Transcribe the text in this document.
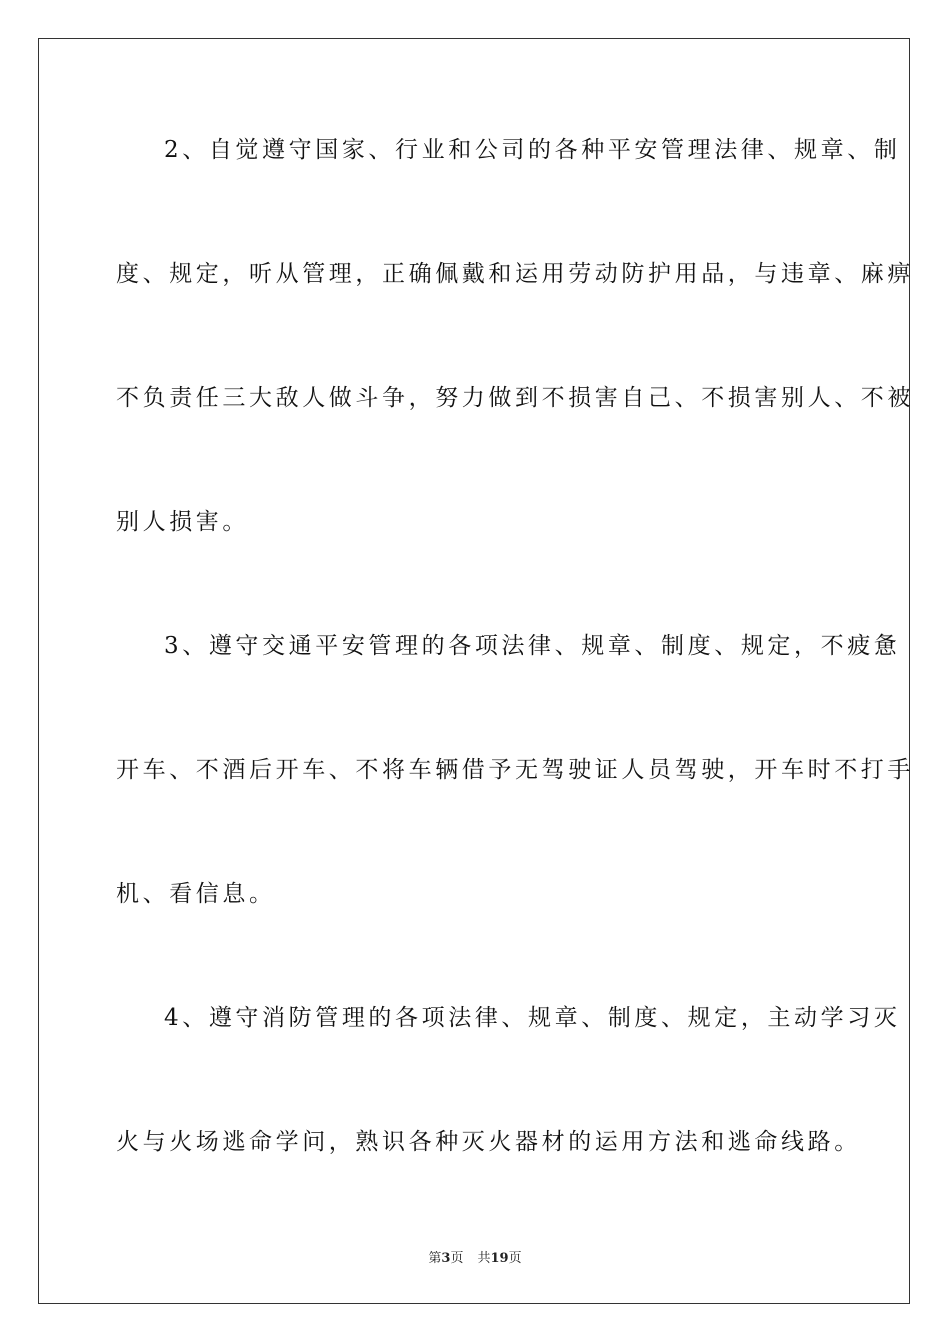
2、自觉遵守国家、行业和公司的各种平安管理法律、规章、制
度、规定，听从管理，正确佩戴和运用劳动防护用品，与违章、麻痹
不负责任三大敌人做斗争，努力做到不损害自己、不损害别人、不被
别人损害。
3、遵守交通平安管理的各项法律、规章、制度、规定，不疲惫
开车、不酒后开车、不将车辆借予无驾驶证人员驾驶，开车时不打手
机、看信息。
4、遵守消防管理的各项法律、规章、制度、规定，主动学习灭
火与火场逃命学问，熟识各种灭火器材的运用方法和逃命线路。
第3页 共19页
